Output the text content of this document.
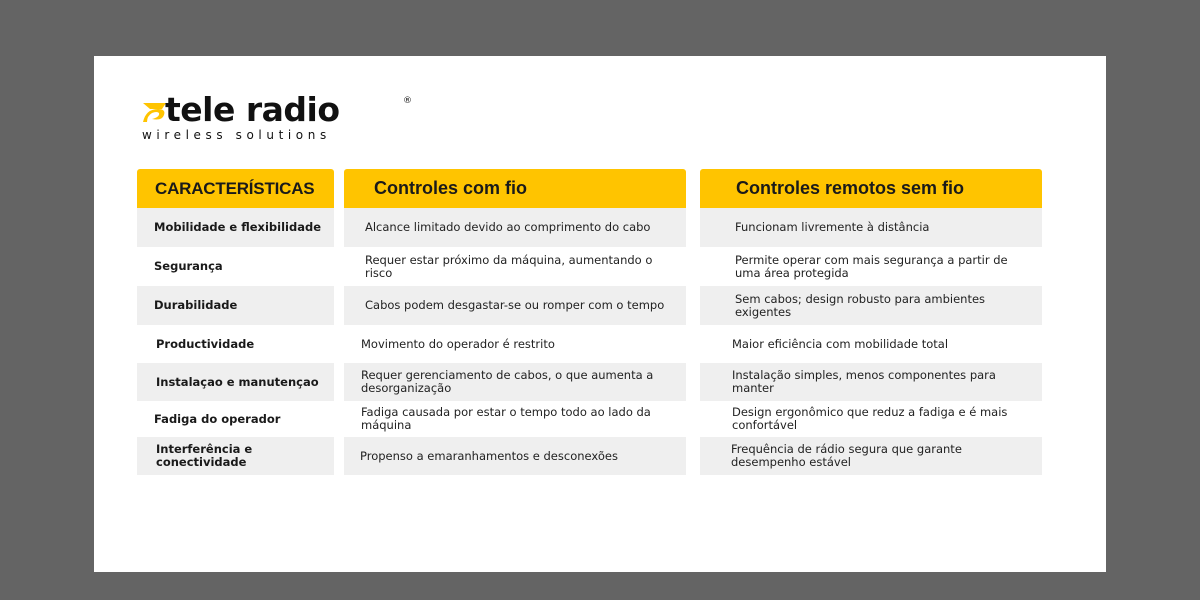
tele radio	®
wireless solutions
CARACTERÍSTICAS
Mobilidade e flexibilidade
Segurança
Durabilidade
Productividade
Instalaçao e manutençao
Fadiga do operador
Interferência e conectividade
Controles com fio
Alcance limitado devido ao comprimento do cabo
Requer estar próximo da máquina, aumentando o risco
Cabos podem desgastar-se ou romper com o tempo
Movimento do operador é restrito
Requer gerenciamento de cabos, o que aumenta a desorganização
Fadiga causada por estar o tempo todo ao lado da máquina
Propenso a emaranhamentos e desconexões
Controles remotos sem fio
Funcionam livremente à distância
Permite operar com mais segurança a partir de uma área protegida
Sem cabos; design robusto para ambientes exigentes
Maior eficiência com mobilidade total
Instalação simples, menos componentes para manter
Design ergonômico que reduz a fadiga e é mais confortável
Frequência de rádio segura que garante desempenho estável
